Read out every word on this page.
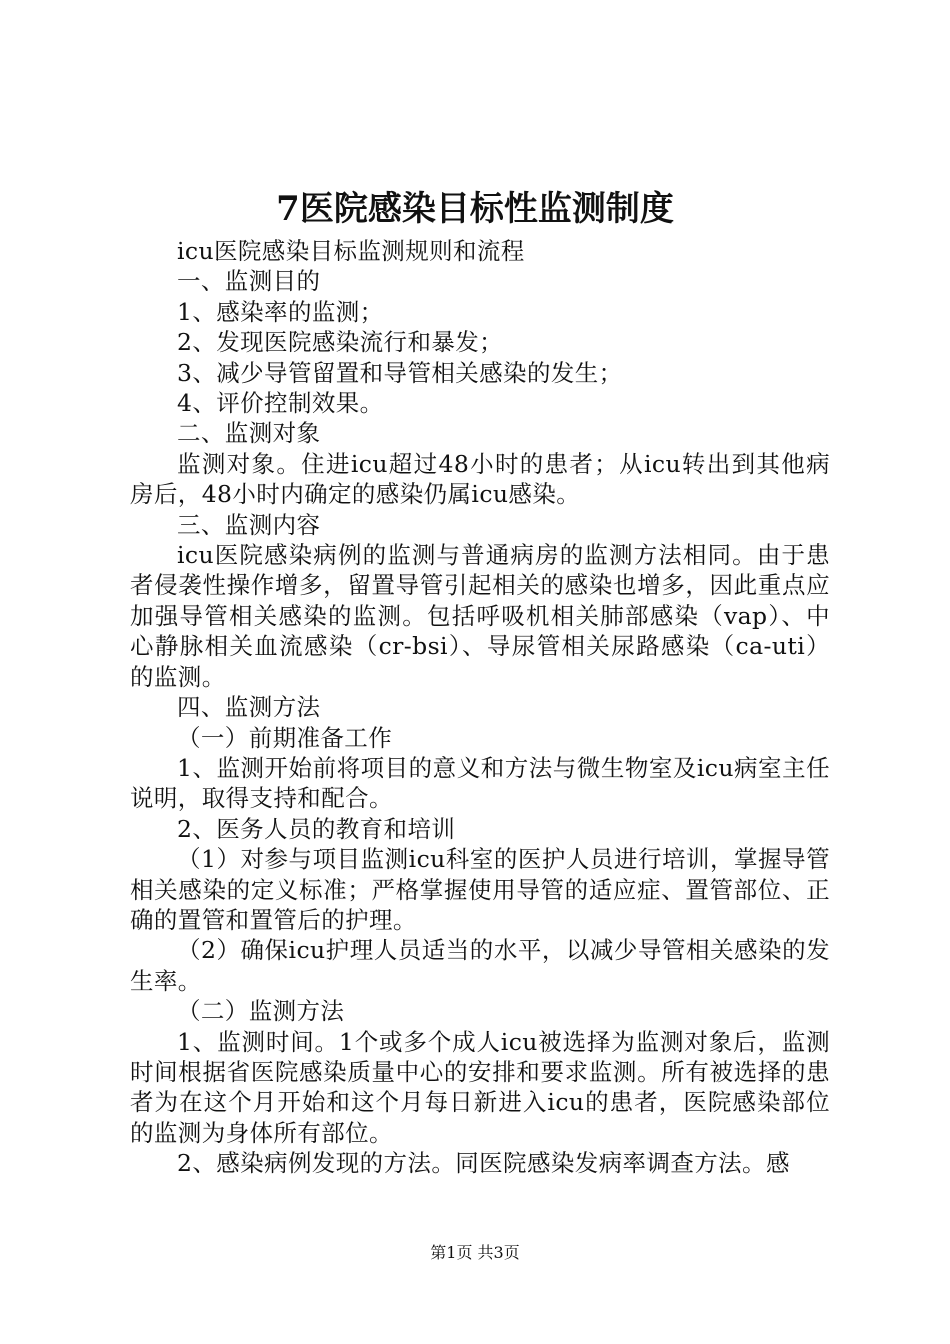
7医院感染目标性监测制度

icu医院感染目标监测规则和流程

一、监测目的

1、感染率的监测；

2、发现医院感染流行和暴发；

3、减少导管留置和导管相关感染的发生；

4、评价控制效果。

二、监测对象

监测对象。住进icu超过48小时的患者；从icu转出到其他病房后，48小时内确定的感染仍属icu感染。

三、监测内容

icu医院感染病例的监测与普通病房的监测方法相同。由于患者侵袭性操作增多，留置导管引起相关的感染也增多，因此重点应加强导管相关感染的监测。包括呼吸机相关肺部感染（vap）、中心静脉相关血流感染（cr-bsi）、导尿管相关尿路感染（ca-uti）的监测。

四、监测方法

（一）前期准备工作

1、监测开始前将项目的意义和方法与微生物室及icu病室主任说明，取得支持和配合。

2、医务人员的教育和培训

（1）对参与项目监测icu科室的医护人员进行培训，掌握导管相关感染的定义标准；严格掌握使用导管的适应症、置管部位、正确的置管和置管后的护理。

（2）确保icu护理人员适当的水平，以减少导管相关感染的发生率。

（二）监测方法

1、监测时间。1个或多个成人icu被选择为监测对象后，监测时间根据省医院感染质量中心的安排和要求监测。所有被选择的患者为在这个月开始和这个月每日新进入icu的患者，医院感染部位的监测为身体所有部位。

2、感染病例发现的方法。同医院感染发病率调查方法。感

第1页 共3页
